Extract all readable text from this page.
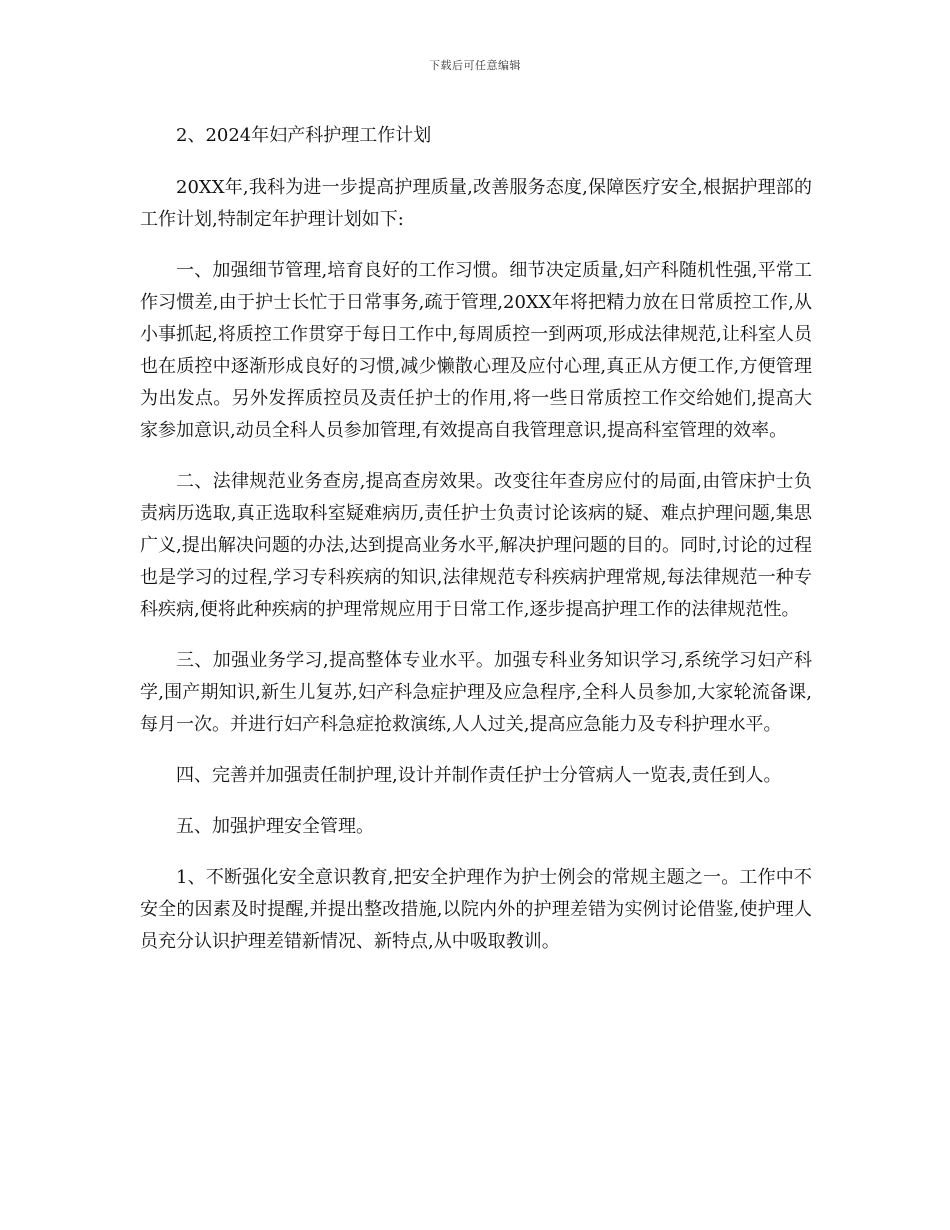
下载后可任意编辑

2、2024年妇产科护理工作计划

20XX年,我科为进一步提高护理质量,改善服务态度,保障医疗安全,根据护理部的工作计划,特制定年护理计划如下:

一、加强细节管理,培育良好的工作习惯。细节决定质量,妇产科随机性强,平常工作习惯差,由于护士长忙于日常事务,疏于管理,20XX年将把精力放在日常质控工作,从小事抓起,将质控工作贯穿于每日工作中,每周质控一到两项,形成法律规范,让科室人员也在质控中逐渐形成良好的习惯,减少懒散心理及应付心理,真正从方便工作,方便管理为出发点。另外发挥质控员及责任护士的作用,将一些日常质控工作交给她们,提高大家参加意识,动员全科人员参加管理,有效提高自我管理意识,提高科室管理的效率。

二、法律规范业务查房,提高查房效果。改变往年查房应付的局面,由管床护士负责病历选取,真正选取科室疑难病历,责任护士负责讨论该病的疑、难点护理问题,集思广义,提出解决问题的办法,达到提高业务水平,解决护理问题的目的。同时,讨论的过程也是学习的过程,学习专科疾病的知识,法律规范专科疾病护理常规,每法律规范一种专科疾病,便将此种疾病的护理常规应用于日常工作,逐步提高护理工作的法律规范性。

三、加强业务学习,提高整体专业水平。加强专科业务知识学习,系统学习妇产科学,围产期知识,新生儿复苏,妇产科急症护理及应急程序,全科人员参加,大家轮流备课,每月一次。并进行妇产科急症抢救演练,人人过关,提高应急能力及专科护理水平。

四、完善并加强责任制护理,设计并制作责任护士分管病人一览表,责任到人。

五、加强护理安全管理。

1、不断强化安全意识教育,把安全护理作为护士例会的常规主题之一。工作中不安全的因素及时提醒,并提出整改措施,以院内外的护理差错为实例讨论借鉴,使护理人员充分认识护理差错新情况、新特点,从中吸取教训。
